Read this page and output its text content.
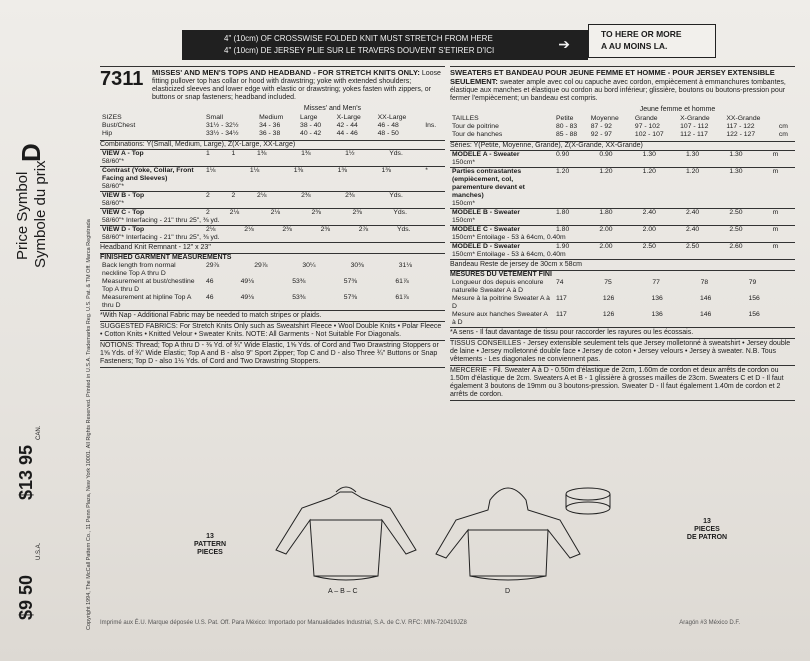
$9 50
U.S.A.
$13 95
CAN.
Price Symbol Symbole du prix
D
Copyright 1994, The McCall Pattern Co., 11 Penn Plaza, New York 10001. All Rights Reserved. Printed in U.S.A. Trademarks Reg. U.S. Pat. & TM Off. Marca Registrada
4" (10cm) OF CROSSWISE FOLDED KNIT MUST STRETCH FROM HERE
4" (10cm) DE JERSEY PLIE SUR LE TRAVERS DOUVENT S'ETIRER D'ICI	➔
TO HERE OR MORE
A AU MOINS LA.
7311	MISSES' AND MEN'S TOPS AND HEADBAND - FOR STRETCH KNITS ONLY: Loose fitting pullover top has collar or hood with drawstring; yoke with extended shoulders; elasticized sleeves and lower edge with elastic or drawstring; yokes fasten with zippers, or buttons or snap fasteners; headband included.
Misses' and Men's
SIZES	Small	Medium	Large	X-Large	XX-Large	
Bust/Chest	31½ - 32½	34 - 36	38 - 40	42 - 44	46 - 48	Ins.
Hip	33½ - 34½	36 - 38	40 - 42	44 - 46	48 - 50	
Combinations: Y(Small, Medium, Large), Z(X-Large, XX-Large)
VIEW A - Top	1	1	1⅜	1⅜	1½	Yds.
58/60"*
Contrast (Yoke, Collar, Front Facing and Sleeves)	1⅛	1⅛	1⅜	1⅜	1⅜	*
58/60"*
VIEW B - Top	2	2	2⅛	2⅜	2⅜	Yds.
58/60"*
VIEW C - Top	2	2⅛	2⅛	2⅜	2⅜	Yds.
58/60"* Interfacing - 21" thru 25", ⅜ yd.
VIEW D - Top	2⅛	2⅛	2⅜	2⅜	2⅞	Yds.
58/60"* Interfacing - 21" thru 25", ⅜ yd.
Headband Knit Remnant - 12" x 23"
FINISHED GARMENT MEASUREMENTS
Back length from normal neckline Top A thru D	29⅞	29⅞	30¼	30⅜	31⅛
Measurement at bust/chestline Top A thru D	46	49⅛	53⅜	57⅜	61⅞
Measurement at hipline Top A thru D	46	49⅛	53⅜	57⅜	61⅞
*With Nap - Additional Fabric may be needed to match stripes or plaids.
SUGGESTED FABRICS: For Stretch Knits Only such as Sweatshirt Fleece • Wool Double Knits • Polar Fleece • Cotton Knits • Knitted Velour • Sweater Knits. NOTE: All Garments - Not Suitable For Diagonals.
NOTIONS: Thread; Top A thru D - ⅜ Yd. of ¾" Wide Elastic, 1⅝ Yds. of Cord and Two Drawstring Stoppers or 1⅝ Yds. of ¾" Wide Elastic; Top A and B - also 9" Sport Zipper; Top C and D - also Three ¾" Buttons or Snap Fasteners; Top D - also 1½ Yds. of Cord and Two Drawstring Stoppers.
SWEATERS ET BANDEAU POUR JEUNE FEMME ET HOMME - POUR JERSEY EXTENSIBLE SEULEMENT: sweater ample avec col ou capuche avec cordon, empiècement à emmanchures tombantes, élastique aux manches et élastique ou cordon au bord inférieur; glissière, boutons ou boutons-pression pour fermer l'empiècement; un bandeau est compris.
Jeune femme et homme
TAILLES	Petite	Moyenne	Grande	X-Grande	XX-Grande	
Tour de poitrine	80 - 83	87 - 92	97 - 102	107 - 112	117 - 122	cm
Tour de hanches	85 - 88	92 - 97	102 - 107	112 - 117	122 - 127	cm
Séries: Y(Petite, Moyenne, Grande), Z(X-Grande, XX-Grande)
MODELE A - Sweater	0.90	0.90	1.30	1.30	1.30	m
150cm*
Parties contrastantes (empiècement, col, parementure devant et manches)	1.20	1.20	1.20	1.20	1.30	m
150cm*
MODELE B - Sweater	1.80	1.80	2.40	2.40	2.50	m
150cm*
MODELE C - Sweater	1.80	2.00	2.00	2.40	2.50	m
150cm* Entoilage - 53 à 64cm, 0.40m
MODELE D - Sweater	1.90	2.00	2.50	2.50	2.60	m
150cm* Entoilage - 53 à 64cm, 0.40m
Bandeau Reste de jersey de 30cm x 58cm
MESURES DU VETEMENT FINI
Longueur dos depuis encolure naturelle Sweater A à D	74	75	77	78	79
Mesure à la poitrine Sweater A à D	117	126	136	146	156
Mesure aux hanches Sweater A à D	117	126	136	146	156
*A sens - Il faut davantage de tissu pour raccorder les rayures ou les écossais.
TISSUS CONSEILLES - Jersey extensible seulement tels que Jersey molletonné à sweatshirt • Jersey double de laine • Jersey molletonné double face • Jersey de coton • Jersey velours • Jersey à sweater. N.B. Tous vêtements - Les diagonales ne conviennent pas.
MERCERIE - Fil. Sweater A à D - 0.50m d'élastique de 2cm, 1.60m de cordon et deux arrêts de cordon ou 1.50m d'élastique de 2cm. Sweaters A et B - 1 glissière à grosses mailles de 23cm. Sweaters C et D - Il faut également 3 boutons de 19mm ou 3 boutons-pression. Sweater D - Il faut également 1.40m de cordon et 2 arrêts de cordon.
13
PATTERN
PIECES
13
PIECES
DE PATRON
A – B – C	D
Imprimé aux É.U. Marque déposée U.S. Pat. Off. Para México: Importado por Manualidades Industrial, S.A. de C.V. RFC: MIN-720419JZ8	Aragón #3 México D.F.
